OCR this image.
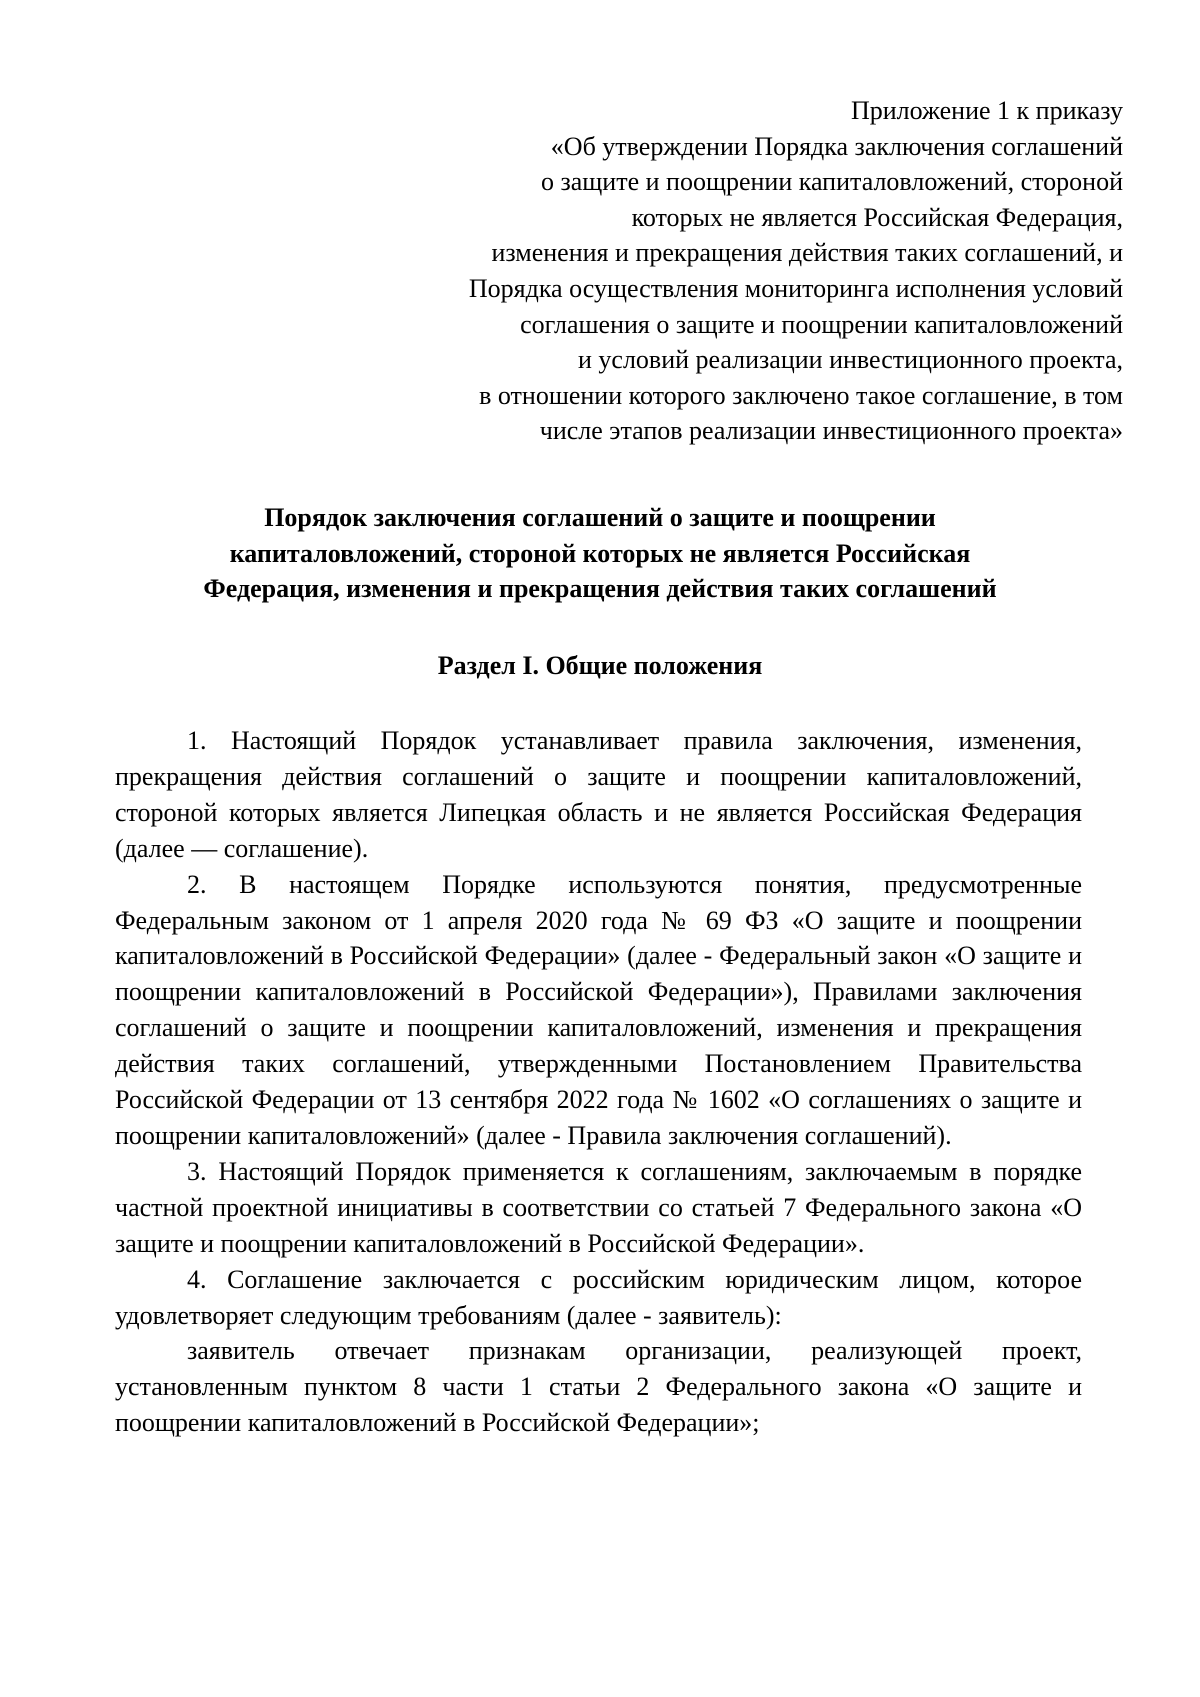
Приложение 1 к приказу
«Об утверждении Порядка заключения соглашений
о защите и поощрении капиталовложений, стороной
которых не является Российская Федерация,
изменения и прекращения действия таких соглашений, и
Порядка осуществления мониторинга исполнения условий
соглашения о защите и поощрении капиталовложений
и условий реализации инвестиционного проекта,
в отношении которого заключено такое соглашение, в том
числе этапов реализации инвестиционного проекта»
Порядок заключения соглашений о защите и поощрении
капиталовложений, стороной которых не является Российская
Федерация, изменения и прекращения действия таких соглашений
Раздел I. Общие положения

1. Настоящий Порядок устанавливает правила заключения, изменения, прекращения действия соглашений о защите и поощрении капиталовложений, стороной которых является Липецкая область и не является Российская Федерация (далее — соглашение).

2. В настоящем Порядке используются понятия, предусмотренные Федеральным законом от 1 апреля 2020 года № 69 ФЗ «О защите и поощрении капиталовложений в Российской Федерации» (далее - Федеральный закон «О защите и поощрении капиталовложений в Российской Федерации»), Правилами заключения соглашений о защите и поощрении капиталовложений, изменения и прекращения действия таких соглашений, утвержденными Постановлением Правительства Российской Федерации от 13 сентября 2022 года № 1602 «О соглашениях о защите и поощрении капиталовложений» (далее - Правила заключения соглашений).

3. Настоящий Порядок применяется к соглашениям, заключаемым в порядке частной проектной инициативы в соответствии со статьей 7 Федерального закона «О защите и поощрении капиталовложений в Российской Федерации».

4. Соглашение заключается с российским юридическим лицом, которое удовлетворяет следующим требованиям (далее - заявитель):

заявитель отвечает признакам организации, реализующей проект, установленным пунктом 8 части 1 статьи 2 Федерального закона «О защите и поощрении капиталовложений в Российской Федерации»;
